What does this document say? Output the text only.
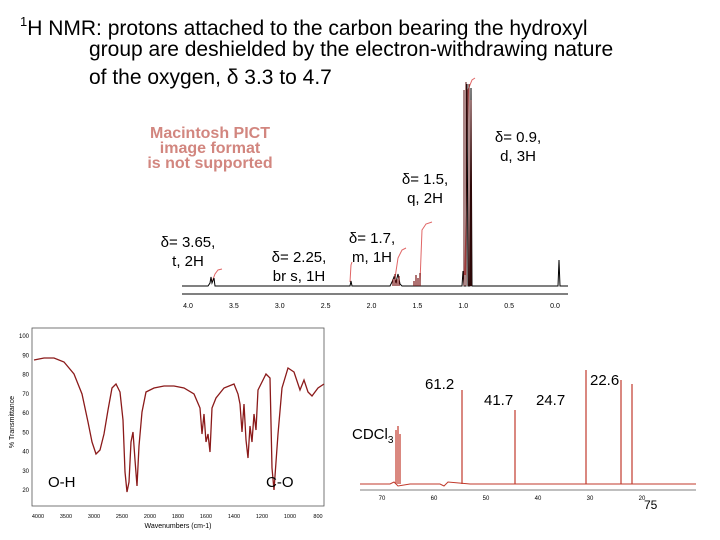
$^1$H NMR: protons attached to the carbon bearing the hydroxyl
group are deshielded by the electron-withdrawing nature
of the oxygen, δ 3.3 to 4.7
Macintosh PICT
image format
is not supported
4.0	3.5	3.0	2.5	2.0	1.5	1.0	0.5	0.0
δ= 3.65,
t, 2H	δ= 2.25,
br s, 1H
δ= 1.7,
m, 1H
δ= 1.5,
q, 2H
δ= 0.9,
d, 3H
100
90
80
70
60
50
40
30
20
4000	3500	3000	2500	2000	1800	1600	1400	1200	1000	800
% Transmittance
Wavenumbers (cm-1)
O-H	C-O
70	60	50	40	30	20
61.2
41.7 24.7
22.6
CDCl$_3$
75
